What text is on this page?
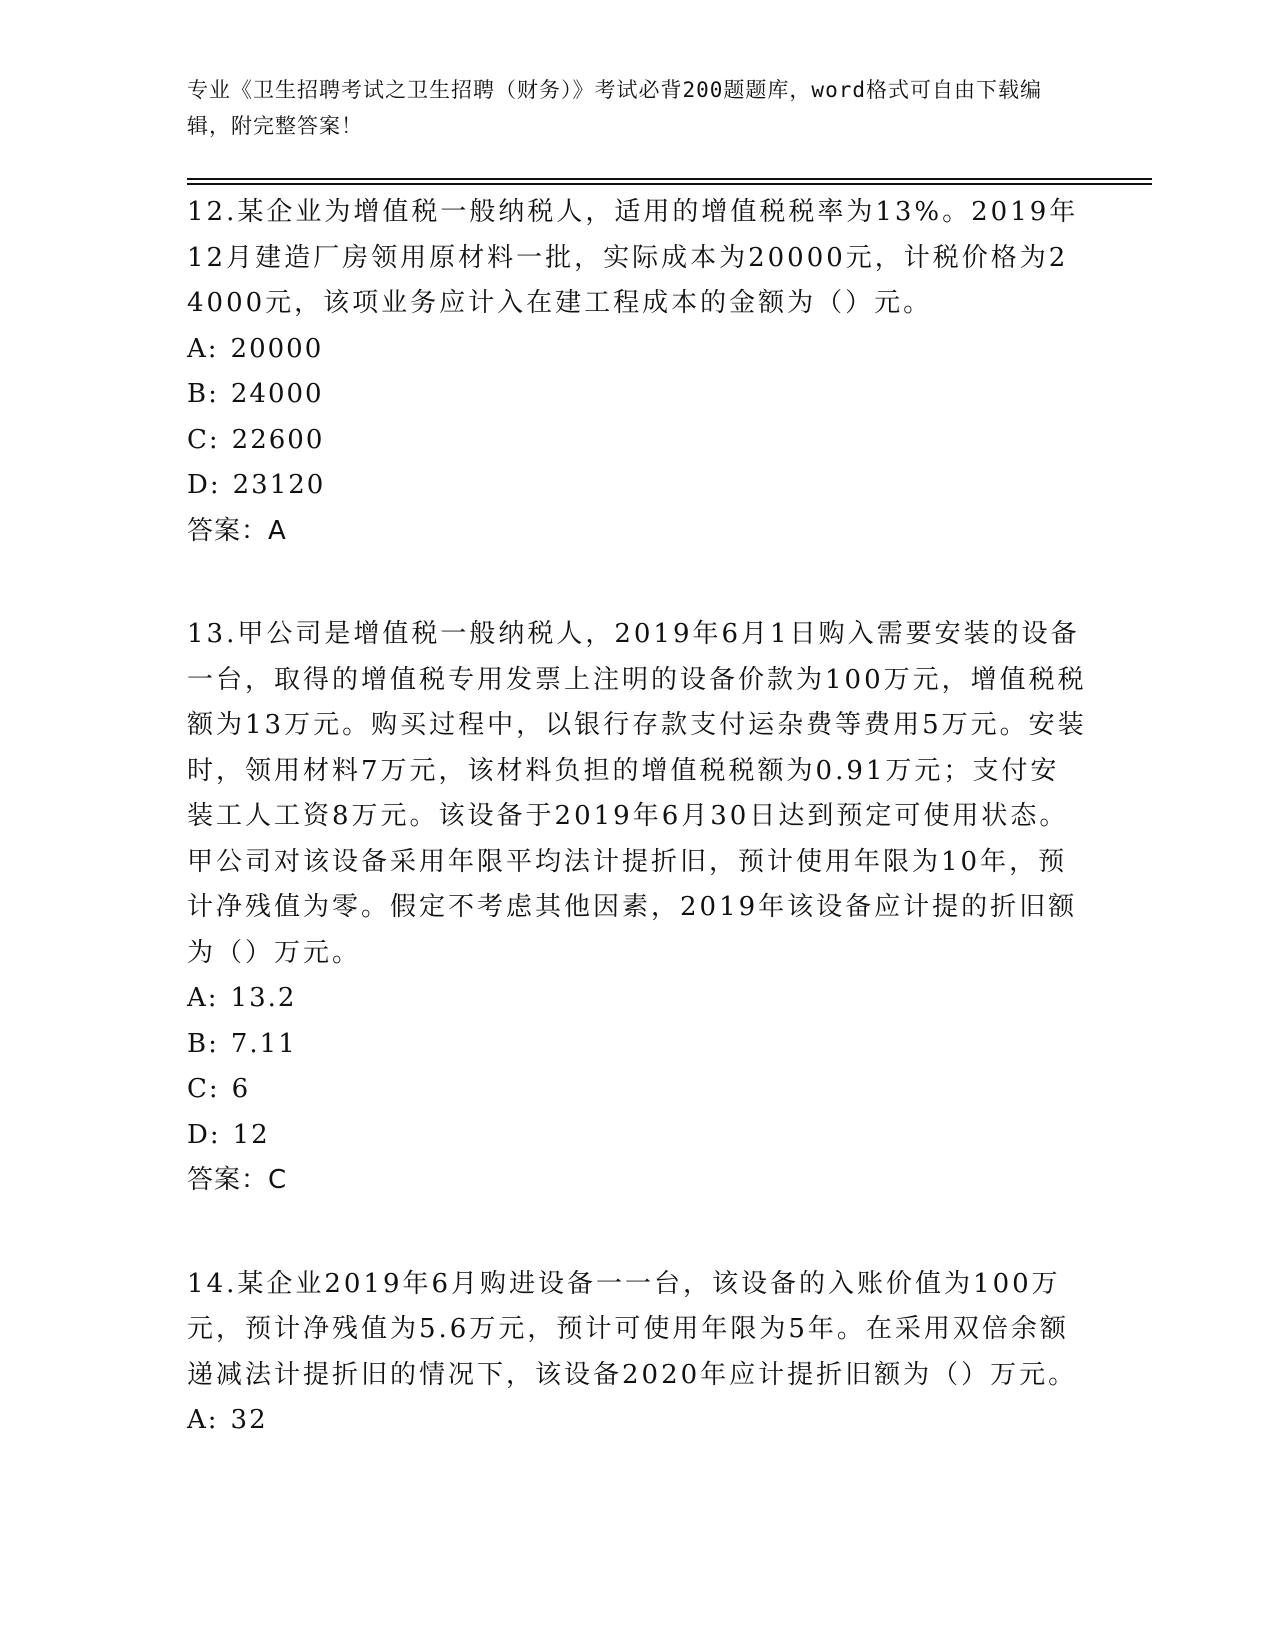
专业《卫生招聘考试之卫生招聘（财务）》考试必背200题题库，word格式可自由下载编辑，附完整答案！

12.某企业为增值税一般纳税人，适用的增值税税率为13%。2019年12月建造厂房领用原材料一批，实际成本为20000元，计税价格为24000元，该项业务应计入在建工程成本的金额为（）元。

A: 20000

B: 24000

C: 22600

D: 23120

答案：A

13.甲公司是增值税一般纳税人，2019年6月1日购入需要安装的设备一台，取得的增值税专用发票上注明的设备价款为100万元，增值税税额为13万元。购买过程中，以银行存款支付运杂费等费用5万元。安装时，领用材料7万元，该材料负担的增值税税额为0.91万元；支付安装工人工资8万元。该设备于2019年6月30日达到预定可使用状态。甲公司对该设备采用年限平均法计提折旧，预计使用年限为10年，预计净残值为零。假定不考虑其他因素，2019年该设备应计提的折旧额为（）万元。

A: 13.2

B: 7.11

C: 6

D: 12

答案：C

14.某企业2019年6月购进设备一一台，该设备的入账价值为100万元，预计净残值为5.6万元，预计可使用年限为5年。在采用双倍余额递减法计提折旧的情况下，该设备2020年应计提折旧额为（）万元。

A: 32
